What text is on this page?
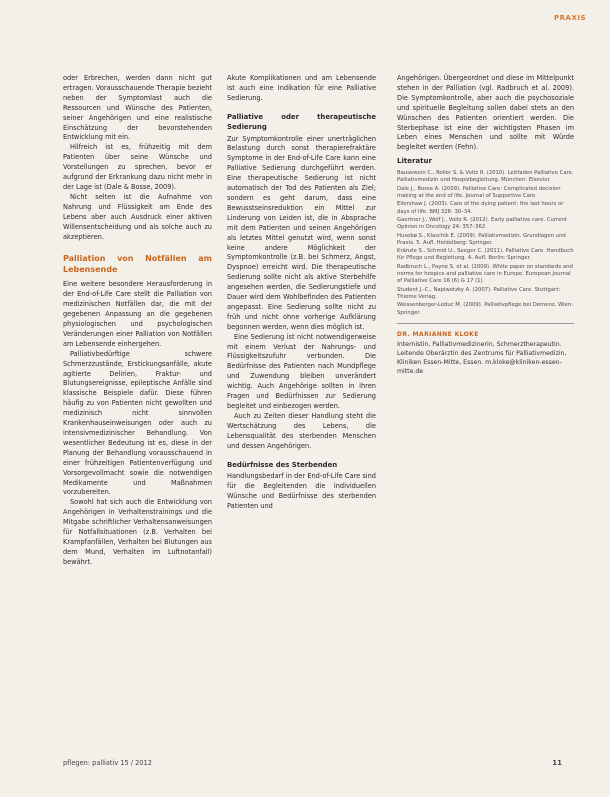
PRAXIS

oder Erbrechen, werden dann nicht gut ertragen. Vorausschauende Therapie bezieht neben der Symptomlast auch die Ressourcen und Wünsche des Patienten, seiner Angehörigen und eine realistische Einschätzung der bevorstehenden Entwicklung mit ein.

Hilfreich ist es, frühzeitig mit dem Patienten über seine Wünsche und Vorstellungen zu sprechen, bevor er aufgrund der Erkrankung dazu nicht mehr in der Lage ist (Dale & Bosse, 2009).

Nicht selten ist die Aufnahme von Nahrung und Flüssigkeit am Ende des Lebens aber auch Ausdruck einer aktiven Willensentscheidung und als solche auch zu akzeptieren.

Palliation von Notfällen am Lebensende

Eine weitere besondere Herausforderung in der End-of-Life Care stellt die Palliation von medizinischen Notfällen dar, die mit der gegebenen Anpassung an die gegebenen physiologischen und psychologischen Veränderungen einer Palliation von Notfällen am Lebensende einhergehen.

Palliativbedürftige schwere Schmerzzustände, Erstickungsanfälle, akute agitierte Delirien, Fraktur- und Blutungsereignisse, epileptische Anfälle sind klassische Beispiele dafür. Diese führen häufig zu von Patienten nicht gewollten und medizinisch nicht sinnvollen Krankenhauseinweisungen oder auch zu intensivmedizinischer Behandlung. Von wesentlicher Bedeutung ist es, diese in der Planung der Behandlung vorausschauend in einer frühzeitigen Patientenverfügung und Vorsorgevollmacht sowie die notwendigen Medikamente und Maßnahmen vorzubereiten.

Sowohl hat sich auch die Entwicklung von Angehörigen in Verhaltenstrainings und die Mitgabe schriftlicher Verhaltensanweisungen für Notfallsituationen (z.B. Verhalten bei Krampfanfällen, Verhalten bei Blutungen aus dem Mund, Verhalten im Luftnotanfall) bewährt.

Akute Komplikationen und am Lebensende ist auch eine Indikation für eine Palliative Sedierung.

Palliative oder therapeutische Sedierung

Zur Symptomkontrolle einer unerträglichen Belastung durch sonst therapierefraktäre Symptome in der End-of-Life Care kann eine Palliative Sedierung durchgeführt werden. Eine therapeutische Sedierung ist nicht automatisch der Tod des Patienten als Ziel; sondern es geht darum, dass eine Bewusstseinsreduktion ein Mittel zur Linderung von Leiden ist, die in Absprache mit dem Patienten und seinen Angehörigen als letztes Mittel genutzt wird, wenn sonst keine andere Möglichkeit der Symptomkontrolle (z.B. bei Schmerz, Angst, Dyspnoe) erreicht wird. Die therapeutische Sedierung sollte nicht als aktive Sterbehilfe angesehen werden, die Sedierungstiefe und Dauer wird dem Wohlbefinden des Patienten angepasst. Eine Sedierung sollte nicht zu früh und nicht ohne vorherige Aufklärung begonnen werden, wenn dies möglich ist.

Eine Sedierung ist nicht notwendigerweise mit einem Verlust der Nahrungs- und Flüssigkeitszufuhr verbunden. Die Bedürfnisse des Patienten nach Mundpflege und Zuwendung bleiben unverändert wichtig. Auch Angehörige sollten in ihren Fragen und Bedürfnissen zur Sedierung begleitet und einbezogen werden.

Auch zu Zeiten dieser Handlung steht die Wertschätzung des Lebens, die Lebensqualität des sterbenden Menschen und dessen Angehörigen.

Bedürfnisse des Sterbenden

Handlungsbedarf in der End-of-Life Care sind für die Begleitenden die individuellen Wünsche und Bedürfnisse des sterbenden Patienten und

Angehörigen. Übergeordnet und diese im Mittelpunkt stehen in der Palliation (vgl. Radbruch et al. 2009). Die Symptomkontrolle, aber auch die psychosoziale und spirituelle Begleitung sollen dabei stets an den Wünschen des Patienten orientiert werden. Die Sterbephase ist eine der wichtigsten Phasen im Leben eines Menschen und sollte mit Würde begleitet werden (Fehn).

Literatur
Bausewein C., Roller S. & Voltz R. (2010). Leitfaden Palliative Care. Palliativmedizin und Hospizbegleitung. München: Elsevier.
Dale J., Bosse A. (2009). Palliative Care: Complicated decision making at the end of life. Journal of Supportive Care.
Ellershaw J. (2003). Care of the dying patient: the last hours or days of life. BMJ 326: 30–34.
Gaertner J., Wolf J., Voltz R. (2012). Early palliative care. Current Opinion in Oncology 24: 357–362.
Husebø S., Klaschik E. (2009). Palliativmedizin. Grundlagen und Praxis. 5. Aufl. Heidelberg: Springer.
Kränzle S., Schmid U., Seeger C. (2011). Palliative Care. Handbuch für Pflege und Begleitung. 4. Aufl. Berlin: Springer.
Radbruch L., Payne S. et al. (2009). White paper on standards and norms for hospice and palliative care in Europe. European Journal of Palliative Care 16 (6) & 17 (1).
Student J.-C., Napiwotzky A. (2007). Palliative Care. Stuttgart: Thieme Verlag.
Weissenberger-Leduc M. (2009). Palliativpflege bei Demenz. Wien: Springer.
DR. MARIANNE KLOKE
Internistin, Palliativmedizinerin, Schmerztherapeutin. Leitende Oberärztin des Zentrums für Palliativmedizin, Kliniken Essen-Mitte, Essen. m.kloke@kliniken-essen-mitte.de
pflegen: palliativ 15 / 2012	11
